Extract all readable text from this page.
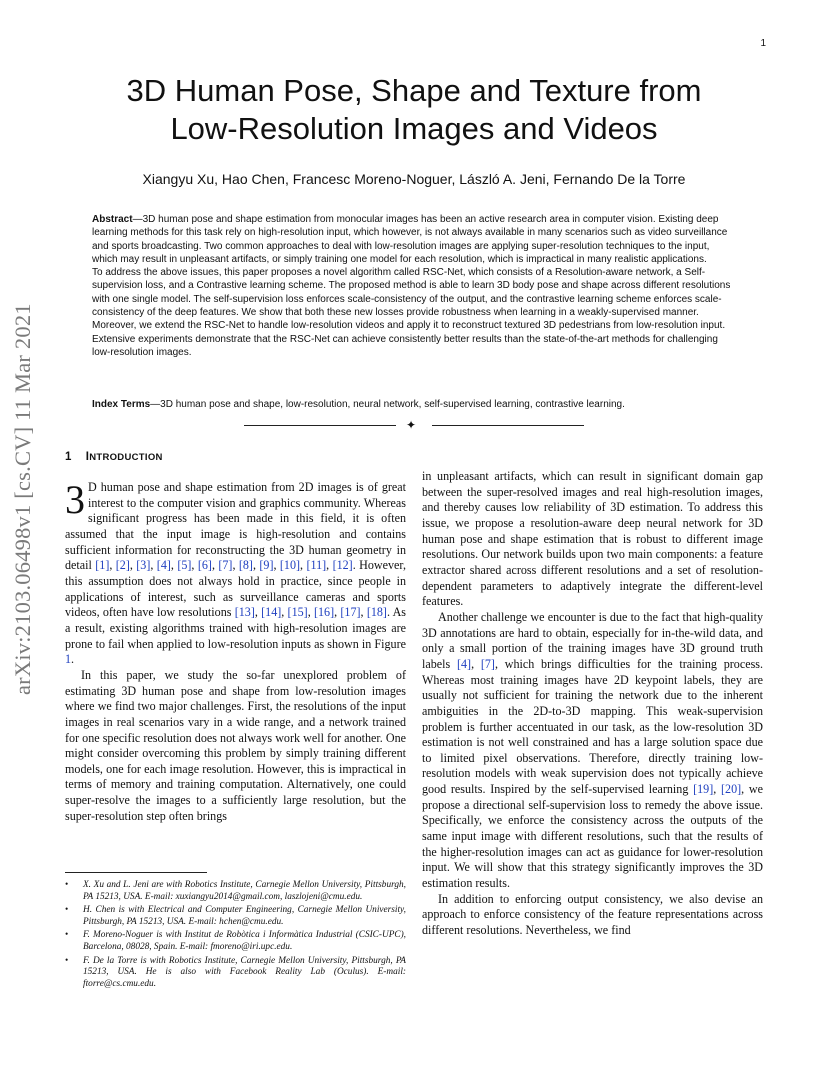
1
arXiv:2103.06498v1 [cs.CV] 11 Mar 2021
3D Human Pose, Shape and Texture from
Low-Resolution Images and Videos
Xiangyu Xu, Hao Chen, Francesc Moreno-Noguer, László A. Jeni, Fernando De la Torre

Abstract—3D human pose and shape estimation from monocular images has been an active research area in computer vision. Existing deep learning methods for this task rely on high-resolution input, which however, is not always available in many scenarios such as video surveillance and sports broadcasting. Two common approaches to deal with low-resolution images are applying super-resolution techniques to the input, which may result in unpleasant artifacts, or simply training one model for each resolution, which is impractical in many realistic applications.

To address the above issues, this paper proposes a novel algorithm called RSC-Net, which consists of a Resolution-aware network, a Self-supervision loss, and a Contrastive learning scheme. The proposed method is able to learn 3D body pose and shape across different resolutions with one single model. The self-supervision loss enforces scale-consistency of the output, and the contrastive learning scheme enforces scale-consistency of the deep features. We show that both these new losses provide robustness when learning in a weakly-supervised manner. Moreover, we extend the RSC-Net to handle low-resolution videos and apply it to reconstruct textured 3D pedestrians from low-resolution input. Extensive experiments demonstrate that the RSC-Net can achieve consistently better results than the state-of-the-art methods for challenging low-resolution images.

Index Terms—3D human pose and shape, low-resolution, neural network, self-supervised learning, contrastive learning.
✦
1 INTRODUCTION

3 D human pose and shape estimation from 2D images is of great interest to the computer vision and graphics community. Whereas significant progress has been made in this field, it is often assumed that the input image is high-resolution and contains sufficient information for reconstructing the 3D human geometry in detail [1], [2], [3], [4], [5], [6], [7], [8], [9], [10], [11], [12]. However, this assumption does not always hold in practice, since people in applications of interest, such as surveillance cameras and sports videos, often have low resolutions [13], [14], [15], [16], [17], [18]. As a result, existing algorithms trained with high-resolution images are prone to fail when applied to low-resolution inputs as shown in Figure 1.

In this paper, we study the so-far unexplored problem of estimating 3D human pose and shape from low-resolution images where we find two major challenges. First, the resolutions of the input images in real scenarios vary in a wide range, and a network trained for one specific resolution does not always work well for another. One might consider overcoming this problem by simply training different models, one for each image resolution. However, this is impractical in terms of memory and training computation. Alternatively, one could super-resolve the images to a sufficiently large resolution, but the super-resolution step often brings

in unpleasant artifacts, which can result in significant domain gap between the super-resolved images and real high-resolution images, and thereby causes low reliability of 3D estimation. To address this issue, we propose a resolution-aware deep neural network for 3D human pose and shape estimation that is robust to different image resolutions. Our network builds upon two main components: a feature extractor shared across different resolutions and a set of resolution-dependent parameters to adaptively integrate the different-level features.

Another challenge we encounter is due to the fact that high-quality 3D annotations are hard to obtain, especially for in-the-wild data, and only a small portion of the training images have 3D ground truth labels [4], [7], which brings difficulties for the training process. Whereas most training images have 2D keypoint labels, they are usually not sufficient for training the network due to the inherent ambiguities in the 2D-to-3D mapping. This weak-supervision problem is further accentuated in our task, as the low-resolution 3D estimation is not well constrained and has a large solution space due to limited pixel observations. Therefore, directly training low-resolution models with weak supervision does not typically achieve good results. Inspired by the self-supervised learning [19], [20], we propose a directional self-supervision loss to remedy the above issue. Specifically, we enforce the consistency across the outputs of the same input image with different resolutions, such that the results of the higher-resolution images can act as guidance for lower-resolution input. We will show that this strategy significantly improves the 3D estimation results.

In addition to enforcing output consistency, we also devise an approach to enforce consistency of the feature representations across different resolutions. Nevertheless, we find

• X. Xu and L. Jeni are with Robotics Institute, Carnegie Mellon University, Pittsburgh, PA 15213, USA. E-mail: xuxiangyu2014@gmail.com, laszlojeni@cmu.edu.
• H. Chen is with Electrical and Computer Engineering, Carnegie Mellon University, Pittsburgh, PA 15213, USA. E-mail: hchen@cmu.edu.
• F. Moreno-Noguer is with Institut de Robòtica i Informàtica Industrial (CSIC-UPC), Barcelona, 08028, Spain. E-mail: fmoreno@iri.upc.edu.
• F. De la Torre is with Robotics Institute, Carnegie Mellon University, Pittsburgh, PA 15213, USA. He is also with Facebook Reality Lab (Oculus). E-mail: ftorre@cs.cmu.edu.
